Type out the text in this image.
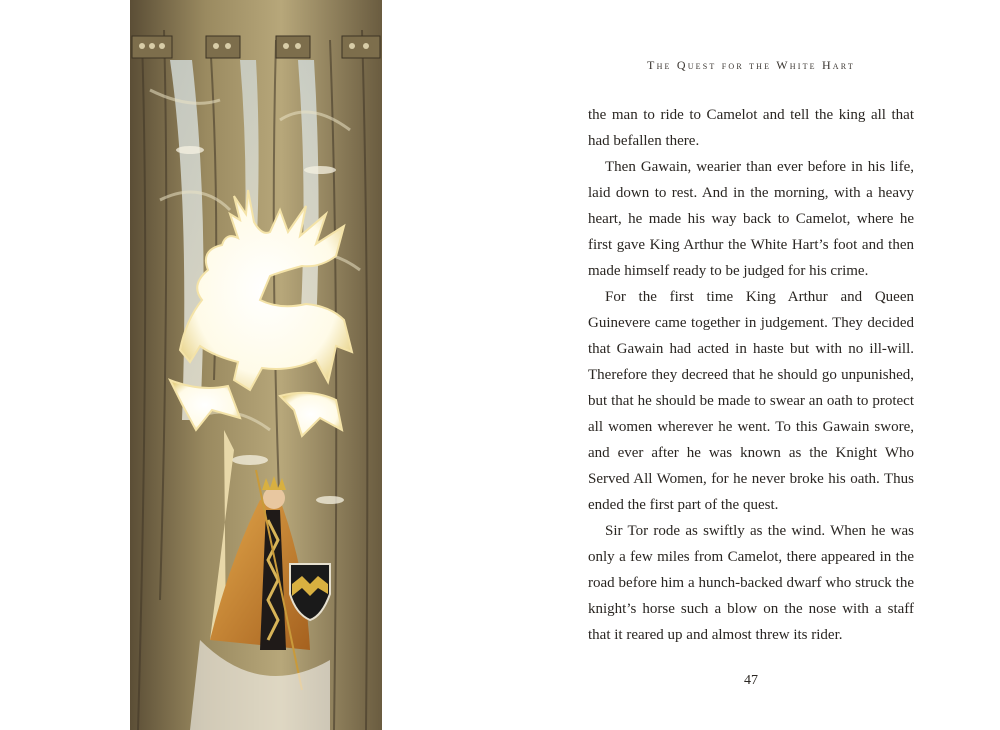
The Quest for the White Hart

the man to ride to Camelot and tell the king all that had befallen there.

Then Gawain, wearier than ever before in his life, laid down to rest. And in the morning, with a heavy heart, he made his way back to Camelot, where he first gave King Arthur the White Hart’s foot and then made himself ready to be judged for his crime.

For the first time King Arthur and Queen Guinevere came together in judgement. They decided that Gawain had acted in haste but with no ill-will. Therefore they decreed that he should go unpunished, but that he should be made to swear an oath to protect all women wherever he went. To this Gawain swore, and ever after he was known as the Knight Who Served All Women, for he never broke his oath. Thus ended the first part of the quest.

Sir Tor rode as swiftly as the wind. When he was only a few miles from Camelot, there appeared in the road before him a hunch-backed dwarf who struck the knight’s horse such a blow on the nose with a staff that it reared up and almost threw its rider.

47
